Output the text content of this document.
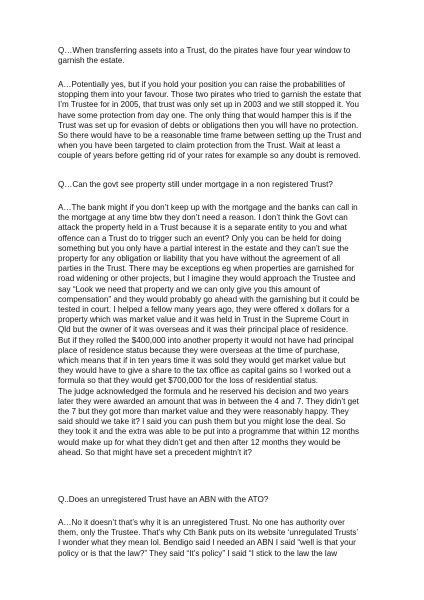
Q…When transferring assets into a Trust, do the pirates have four year window to
garnish the estate.
A…Potentially yes, but if you hold your position you can raise the probabilities of
stopping them into your favour. Those two pirates who tried to garnish the estate that
I’m Trustee for in 2005, that trust was only set up in 2003 and we still stopped it. You
have some protection from day one. The only thing that would hamper this is if the
Trust was set up for evasion of debts or obligations then you will have no protection.
So there would have to be a reasonable time frame between setting up the Trust and
when you have been targeted to claim protection from the Trust. Wait at least a
couple of years before getting rid of your rates for example so any doubt is removed.
Q…Can the govt see property still under mortgage in a non registered Trust?
A…The bank might if you don’t keep up with the mortgage and the banks can call in
the mortgage at any time btw they don’t need a reason. I don’t think the Govt can
attack the property held in a Trust because it is a separate entity to you and what
offence can a Trust do to trigger such an event? Only you can be held for doing
something but you only have a partial interest in the estate and they can’t sue the
property for any obligation or liability that you have without the agreement of all
parties in the Trust. There may be exceptions eg when properties are garnished for
road widening or other projects, but I imagine they would approach the Trustee and
say “Look we need that property and we can only give you this amount of
compensation” and they would probably go ahead with the garnishing but it could be
tested in court. I helped a fellow many years ago, they were offered x dollars for a
property which was market value and it was held in Trust in the Supreme Court in
Qld but the owner of it was overseas and it was their principal place of residence.
But if they rolled the $400,000 into another property it would not have had principal
place of residence status because they were overseas at the time of purchase,
which means that if in ten years time it was sold they would get market value but
they would have to give a share to the tax office as capital gains so I worked out a
formula so that they would get $700,000 for the loss of residential status.
The judge acknowledged the formula and he reserved his decision and two years
later they were awarded an amount that was in between the 4 and 7. They didn’t get
the 7 but they got more than market value and they were reasonably happy. They
said should we take it? I said you can push them but you might lose the deal. So
they took it and the extra was able to be put into a programme that within 12 months
would make up for what they didn’t get and then after 12 months they would be
ahead. So that might have set a precedent mightn’t it?
Q..Does an unregistered Trust have an ABN with the ATO?
A…No it doesn’t that’s why it is an unregistered Trust. No one has authority over
them, only the Trustee. That’s why Cth Bank puts on its website ‘unregulated Trusts’
I wonder what they mean lol. Bendigo said I needed an ABN I said “well is that your
policy or is that the law?” They said “It’s policy” I said “I stick to the law the law
